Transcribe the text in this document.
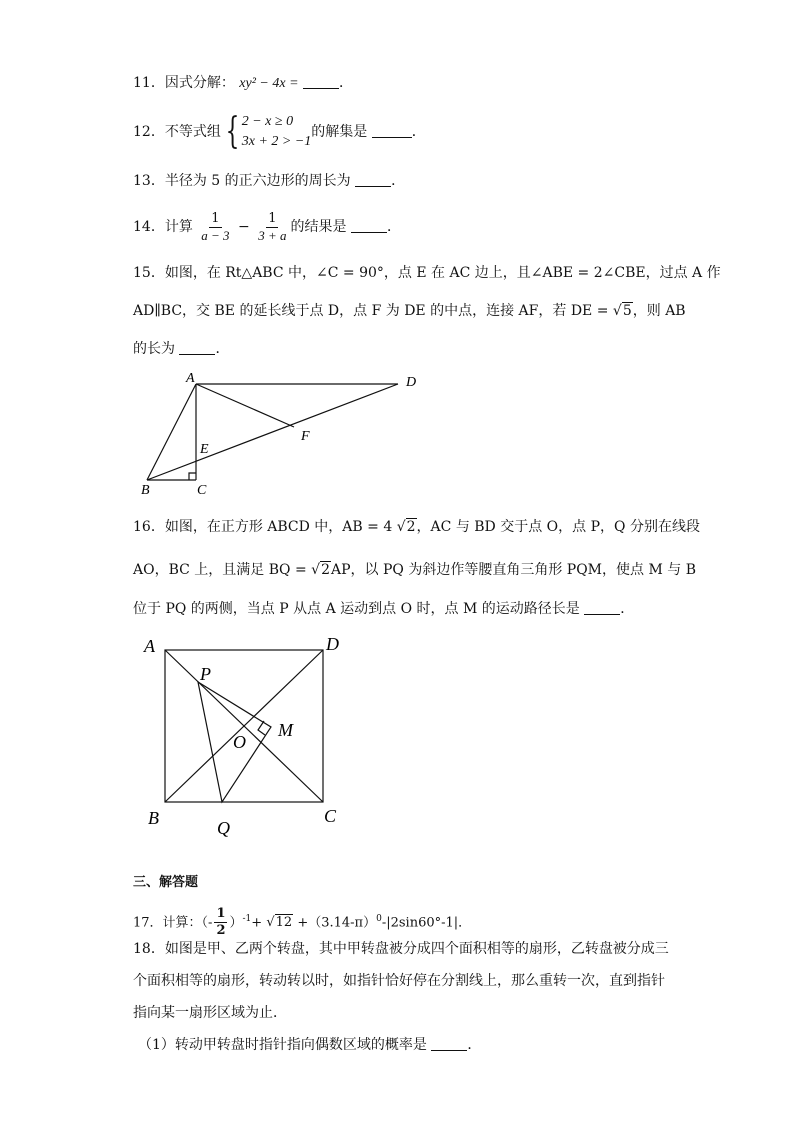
11．因式分解： xy² − 4x =	．
12．不等式组 { 2 − x ≥ 0
3x + 2 > −1
的解集是	．
13．半径为 5 的正六边形的周长为	．
14．计算 $\frac{1}{a - 3} - \frac{1}{3 + a}$ 的结果是	．
15．如图，在 Rt△ABC 中，∠C = 90°，点 E 在 AC 边上，且∠ABE = 2∠CBE，过点 A 作
AD∥BC，交 BE 的延长线于点 D，点 F 为 DE 的中点，连接 AF，若 DE = √5，则 AB
的长为	．
A	D
E
F
B	C
16．如图，在正方形 ABCD 中，AB = 4 √2，AC 与 BD 交于点 O，点 P，Q 分别在线段
AO，BC 上，且满足 BQ = √2AP，以 PQ 为斜边作等腰直角三角形 PQM，使点 M 与 B
位于 PQ 的两侧，当点 P 从点 A 运动到点 O 时，点 M 的运动路径长是	．
A	D
P
M
O
B	Q
C
三、解答题
17．计算：（- $\frac{1}{2} )^{-1}+ √12 +(3.14-\pi)^0-|2\sin 60^\circ-1|$．
18．如图是甲、乙两个转盘，其中甲转盘被分成四个面积相等的扇形，乙转盘被分成三
个面积相等的扇形，转动转以时，如指针恰好停在分割线上，那么重转一次，直到指针
指向某一扇形区域为止．
（1）转动甲转盘时指针指向偶数区域的概率是	．
